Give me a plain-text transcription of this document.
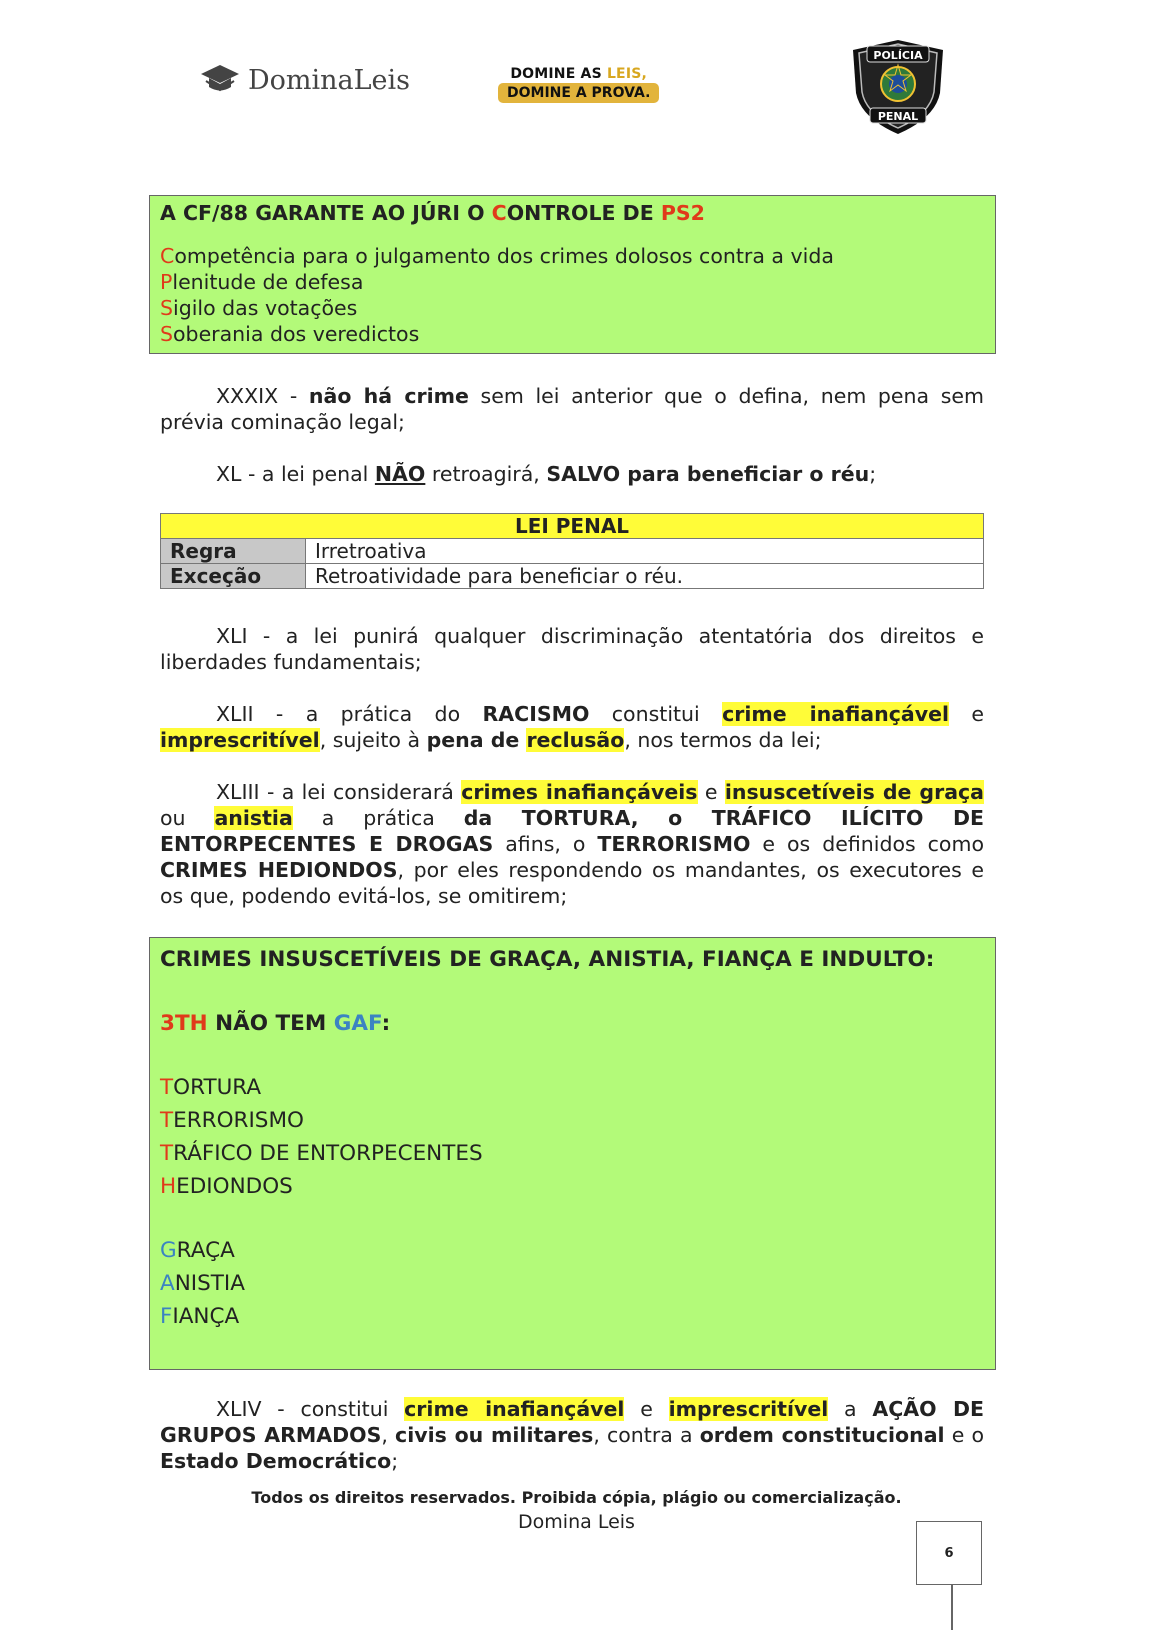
DominaLeis	DOMINE AS LEIS,
DOMINE A PROVA.
POLÍCIA
PENAL
A CF/88 GARANTE AO JÚRI O CONTROLE DE PS2
Competência para o julgamento dos crimes dolosos contra a vida
Plenitude de defesa
Sigilo das votações
Soberania dos veredictos
XXXIX - não há crime sem lei anterior que o defina, nem pena sem prévia cominação legal;
XL - a lei penal NÃO retroagirá, SALVO para beneficiar o réu;
LEI PENAL	
Regra	Irretroativa
Exceção	Retroatividade para beneficiar o réu.
XLI - a lei punirá qualquer discriminação atentatória dos direitos e liberdades fundamentais;
XLII - a prática do RACISMO constitui crime inafiançável e imprescritível, sujeito à pena de reclusão, nos termos da lei;
XLIII - a lei considerará crimes inafiançáveis e insuscetíveis de graça ou anistia a prática da TORTURA, o TRÁFICO ILÍCITO DE ENTORPECENTES E DROGAS afins, o TERRORISMO e os definidos como CRIMES HEDIONDOS, por eles respondendo os mandantes, os executores e os que, podendo evitá-los, se omitirem;
CRIMES INSUSCETÍVEIS DE GRAÇA, ANISTIA, FIANÇA E INDULTO:
3TH NÃO TEM GAF:
TORTURA
TERRORISMO
TRÁFICO DE ENTORPECENTES
HEDIONDOS
GRAÇA
ANISTIA
FIANÇA
XLIV - constitui crime inafiançável e imprescritível a AÇÃO DE GRUPOS ARMADOS, civis ou militares, contra a ordem constitucional e o Estado Democrático;
Todos os direitos reservados. Proibida cópia, plágio ou comercialização.
Domina Leis
6
